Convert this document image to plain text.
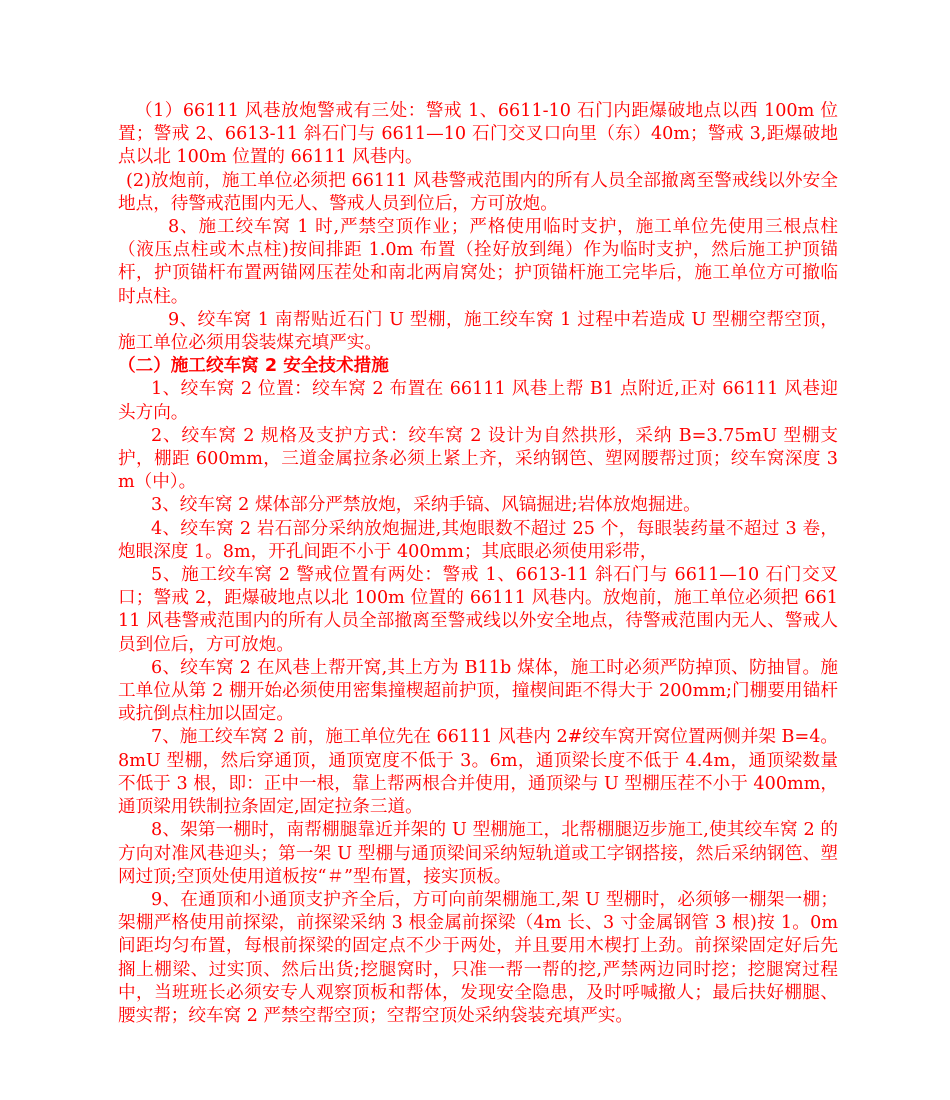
（1）66111 风巷放炮警戒有三处：警戒 1、6611-10 石门内距爆破地点以西 100m 位置；警戒 2、6613-11 斜石门与 6611—10 石门交叉口向里（东）40m；警戒 3,距爆破地点以北 100m 位置的 66111 风巷内。

(2)放炮前，施工单位必须把 66111 风巷警戒范围内的所有人员全部撤离至警戒线以外安全地点，待警戒范围内无人、警戒人员到位后，方可放炮。

8、施工绞车窝 1 时,严禁空顶作业；严格使用临时支护，施工单位先使用三根点柱（液压点柱或木点柱)按间排距 1.0m 布置（拴好放到绳）作为临时支护，然后施工护顶锚杆，护顶锚杆布置两锚网压茬处和南北两肩窝处；护顶锚杆施工完毕后，施工单位方可撤临时点柱。

9、绞车窝 1 南帮贴近石门 U 型棚，施工绞车窝 1 过程中若造成 U 型棚空帮空顶，施工单位必须用袋装煤充填严实。

（二）施工绞车窝 2 安全技术措施

1、绞车窝 2 位置：绞车窝 2 布置在 66111 风巷上帮 B1 点附近,正对 66111 风巷迎头方向。

2、绞车窝 2 规格及支护方式：绞车窝 2 设计为自然拱形，采纳 B=3.75mU 型棚支护，棚距 600mm，三道金属拉条必须上紧上齐，采纳钢笆、塑网腰帮过顶；绞车窝深度 3m（中）。

3、绞车窝 2 煤体部分严禁放炮，采纳手镐、风镐掘进;岩体放炮掘进。

4、绞车窝 2 岩石部分采纳放炮掘进,其炮眼数不超过 25 个，每眼装药量不超过 3 卷，炮眼深度 1。8m，开孔间距不小于 400mm；其底眼必须使用彩带，

5、施工绞车窝 2 警戒位置有两处：警戒 1、6613-11 斜石门与 6611—10 石门交叉口；警戒 2，距爆破地点以北 100m 位置的 66111 风巷内。放炮前，施工单位必须把 66111 风巷警戒范围内的所有人员全部撤离至警戒线以外安全地点，待警戒范围内无人、警戒人员到位后，方可放炮。

6、绞车窝 2 在风巷上帮开窝,其上方为 B11b 煤体，施工时必须严防掉顶、防抽冒。施工单位从第 2 棚开始必须使用密集撞楔超前护顶，撞楔间距不得大于 200mm;门棚要用锚杆或抗倒点柱加以固定。

7、施工绞车窝 2 前，施工单位先在 66111 风巷内 2#绞车窝开窝位置两侧并架 B=4。8mU 型棚，然后穿通顶，通顶宽度不低于 3。6m，通顶梁长度不低于 4.4m，通顶梁数量不低于 3 根，即：正中一根，靠上帮两根合并使用，通顶梁与 U 型棚压茬不小于 400mm，通顶梁用铁制拉条固定,固定拉条三道。

8、架第一棚时，南帮棚腿靠近并架的 U 型棚施工，北帮棚腿迈步施工,使其绞车窝 2 的方向对准风巷迎头；第一架 U 型棚与通顶梁间采纳短轨道或工字钢搭接，然后采纳钢笆、塑网过顶;空顶处使用道板按“＃”型布置，接实顶板。

9、在通顶和小通顶支护齐全后，方可向前架棚施工,架 U 型棚时，必须够一棚架一棚；架棚严格使用前探梁，前探梁采纳 3 根金属前探梁（4m 长、3 寸金属钢管 3 根)按 1。0m 间距均匀布置，每根前探梁的固定点不少于两处，并且要用木楔打上劲。前探梁固定好后先搁上棚梁、过实顶、然后出货;挖腿窝时，只准一帮一帮的挖,严禁两边同时挖；挖腿窝过程中，当班班长必须安专人观察顶板和帮体，发现安全隐患，及时呼喊撤人；最后扶好棚腿、腰实帮；绞车窝 2 严禁空帮空顶；空帮空顶处采纳袋装充填严实。
